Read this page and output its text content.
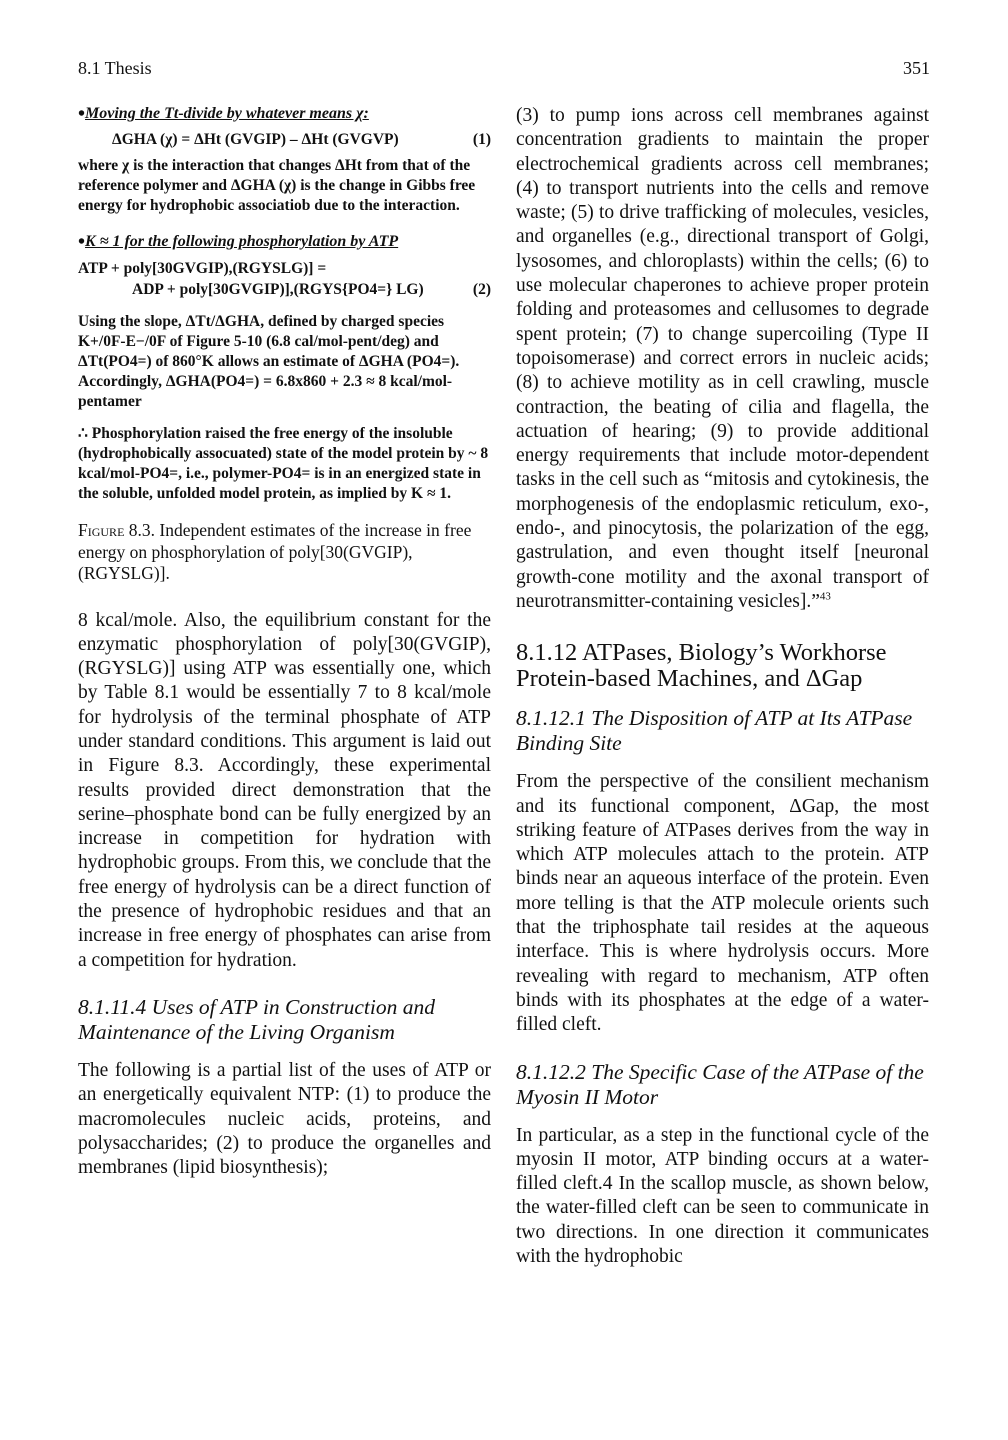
8.1 Thesis	351
•Moving the Tt-divide by whatever means χ:
ΔGHA (χ) = ΔHt (GVGIP) – ΔHt (GVGVP)	(1)

where χ is the interaction that changes ΔHt from that of the reference polymer and ΔGHA (χ) is the change in Gibbs free energy for hydrophobic associatiob due to the interaction.

•K ≈ 1 for the following phosphorylation by ATP
ATP + poly[30GVGIP),(RGYSLG)] =
ADP + poly[30GVGIP)],(RGYS{PO4=} LG)	(2)

Using the slope, ΔTt/ΔGHA, defined by charged species K+/0F-E−/0F of Figure 5-10 (6.8 cal/mol-pent/deg) and ΔTt(PO4=) of 860°K allows an estimate of ΔGHA (PO4=). Accordingly, ΔGHA(PO4=) = 6.8x860 + 2.3 ≈ 8 kcal/mol-pentamer

∴ Phosphorylation raised the free energy of the insoluble (hydrophobically assocuated) state of the model protein by ~ 8 kcal/mol-PO4=, i.e., polymer-PO4= is in an energized state in the soluble, unfolded model protein, as implied by K ≈ 1.

Figure 8.3. Independent estimates of the increase in free energy on phosphorylation of poly[30(GVGIP), (RGYSLG)].

8 kcal/mole. Also, the equilibrium constant for the enzymatic phosphorylation of poly[30(GVGIP),(RGYSLG)] using ATP was essentially one, which by Table 8.1 would be essentially 7 to 8 kcal/mole for hydrolysis of the terminal phosphate of ATP under standard conditions. This argument is laid out in Figure 8.3. Accordingly, these experimental results provided direct demonstration that the serine–phosphate bond can be fully energized by an increase in competition for hydration with hydrophobic groups. From this, we conclude that the free energy of hydrolysis can be a direct function of the presence of hydrophobic residues and that an increase in free energy of phosphates can arise from a competition for hydration.

8.1.11.4 Uses of ATP in Construction and Maintenance of the Living Organism

The following is a partial list of the uses of ATP or an energetically equivalent NTP: (1) to produce the macromolecules nucleic acids, proteins, and polysaccharides; (2) to produce the organelles and membranes (lipid biosynthesis);

(3) to pump ions across cell membranes against concentration gradients to maintain the proper electrochemical gradients across cell membranes; (4) to transport nutrients into the cells and remove waste; (5) to drive trafficking of molecules, vesicles, and organelles (e.g., directional transport of Golgi, lysosomes, and chloroplasts) within the cells; (6) to use molecular chaperones to achieve proper protein folding and proteasomes and cellusomes to degrade spent protein; (7) to change supercoiling (Type II topoisomerase) and correct errors in nucleic acids; (8) to achieve motility as in cell crawling, muscle contraction, the beating of cilia and flagella, the actuation of hearing; (9) to provide additional energy requirements that include motor-dependent tasks in the cell such as “mitosis and cytokinesis, the morphogenesis of the endoplasmic reticulum, exo-, endo-, and pinocytosis, the polarization of the egg, gastrulation, and even thought itself [neuronal growth-cone motility and the axonal transport of neurotransmitter-containing vesicles].”$^{43}$

8.1.12 ATPases, Biology’s Workhorse Protein-based Machines, and ΔGap
8.1.12.1 The Disposition of ATP at Its ATPase Binding Site

From the perspective of the consilient mechanism and its functional component, ΔGap, the most striking feature of ATPases derives from the way in which ATP molecules attach to the protein. ATP binds near an aqueous interface of the protein. Even more telling is that the ATP molecule orients such that the triphosphate tail resides at the aqueous interface. This is where hydrolysis occurs. More revealing with regard to mechanism, ATP often binds with its phosphates at the edge of a water-filled cleft.

8.1.12.2 The Specific Case of the ATPase of the Myosin II Motor

In particular, as a step in the functional cycle of the myosin II motor, ATP binding occurs at a water-filled cleft.4 In the scallop muscle, as shown below, the water-filled cleft can be seen to communicate in two directions. In one direction it communicates with the hydrophobic
